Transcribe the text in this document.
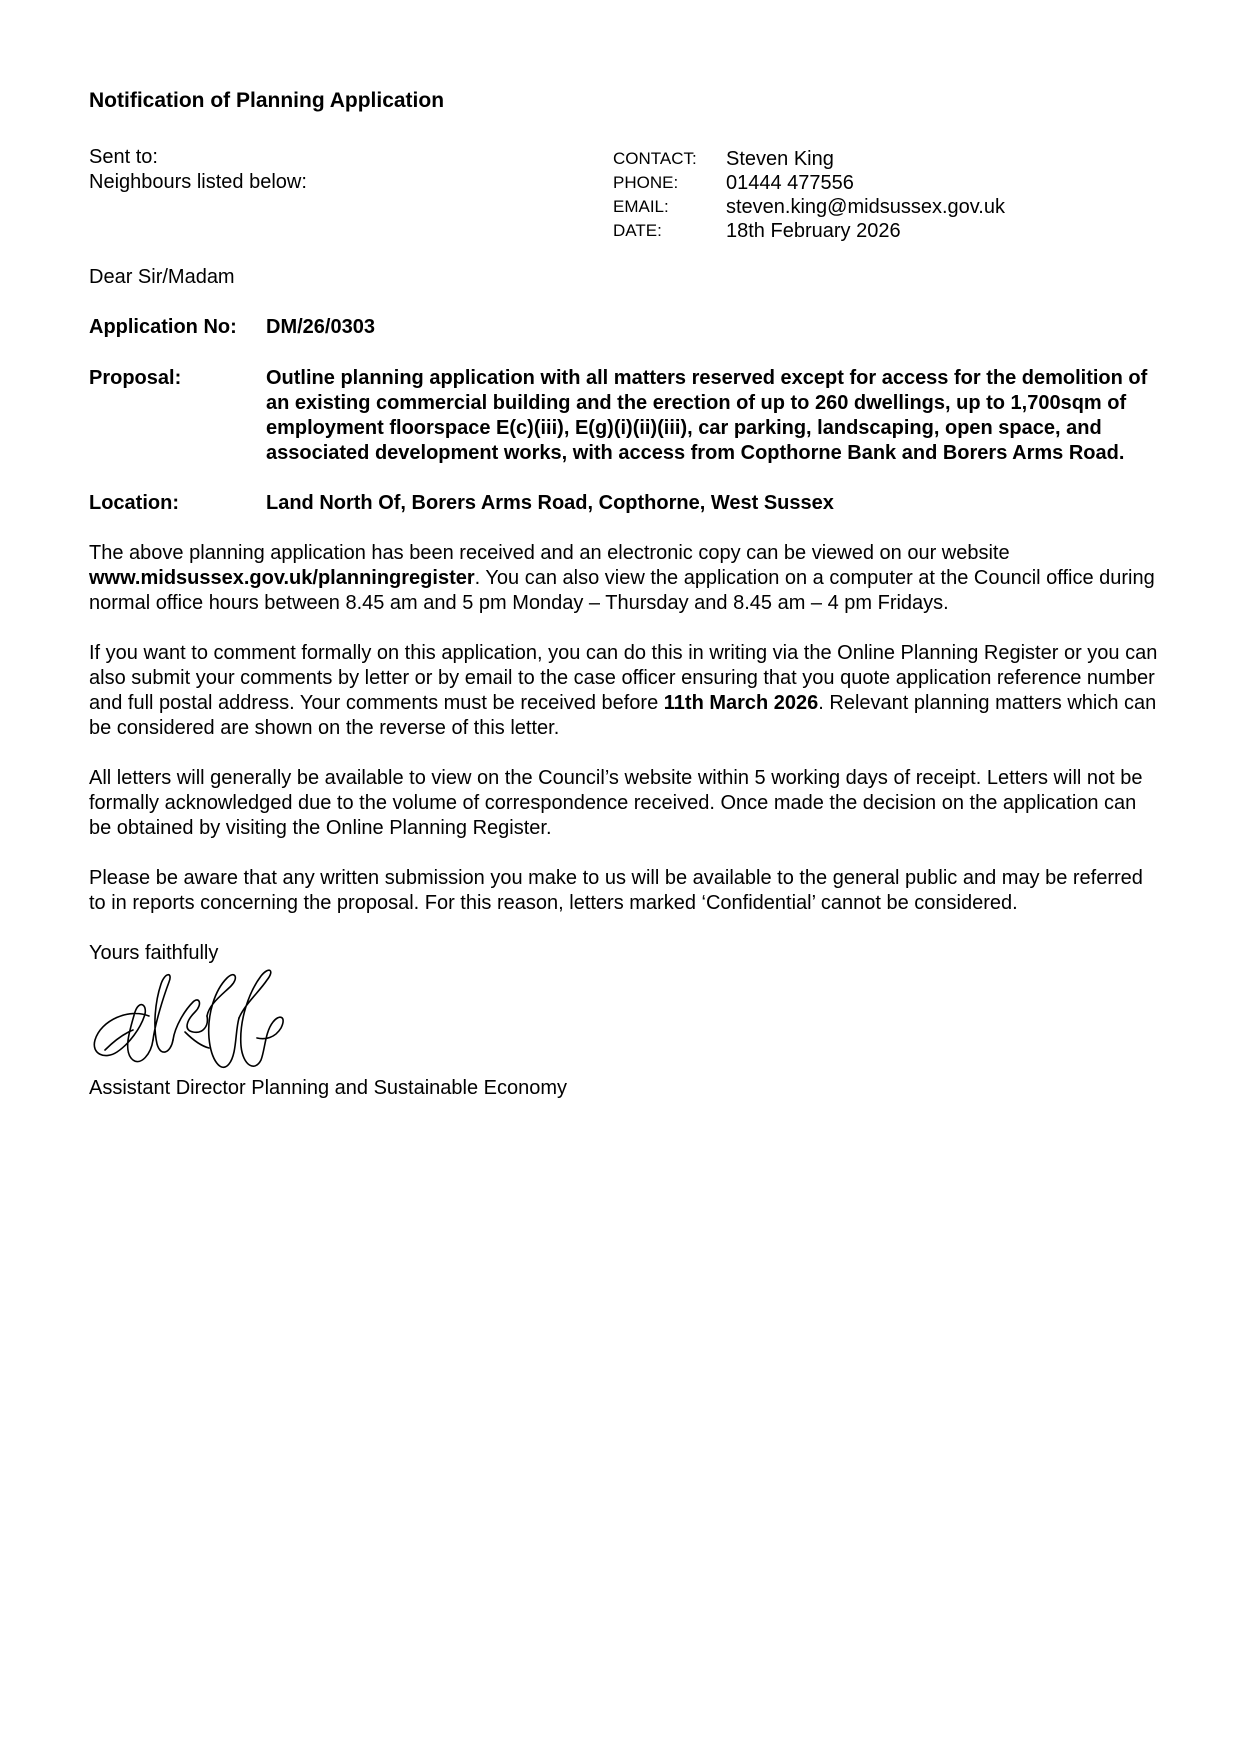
Notification of Planning Application
Sent to:
Neighbours listed below:
CONTACT:	Steven King
PHONE:	01444 477556
EMAIL:	steven.king@midsussex.gov.uk
DATE:	18th February 2026
Dear Sir/Madam
Application No:	DM/26/0303
Proposal:	Outline planning application with all matters reserved except for access for the demolition of an existing commercial building and the erection of up to 260 dwellings, up to 1,700sqm of employment floorspace E(c)(iii), E(g)(i)(ii)(iii), car parking, landscaping, open space, and associated development works, with access from Copthorne Bank and Borers Arms Road.
Location:	Land North Of, Borers Arms Road, Copthorne, West Sussex

The above planning application has been received and an electronic copy can be viewed on our website www.midsussex.gov.uk/planningregister. You can also view the application on a computer at the Council office during normal office hours between 8.45 am and 5 pm Monday – Thursday and 8.45 am – 4 pm Fridays.

If you want to comment formally on this application, you can do this in writing via the Online Planning Register or you can also submit your comments by letter or by email to the case officer ensuring that you quote application reference number and full postal address. Your comments must be received before 11th March 2026. Relevant planning matters which can be considered are shown on the reverse of this letter.

All letters will generally be available to view on the Council’s website within 5 working days of receipt. Letters will not be formally acknowledged due to the volume of correspondence received. Once made the decision on the application can be obtained by visiting the Online Planning Register.

Please be aware that any written submission you make to us will be available to the general public and may be referred to in reports concerning the proposal. For this reason, letters marked ‘Confidential’ cannot be considered.

Yours faithfully
Assistant Director Planning and Sustainable Economy
